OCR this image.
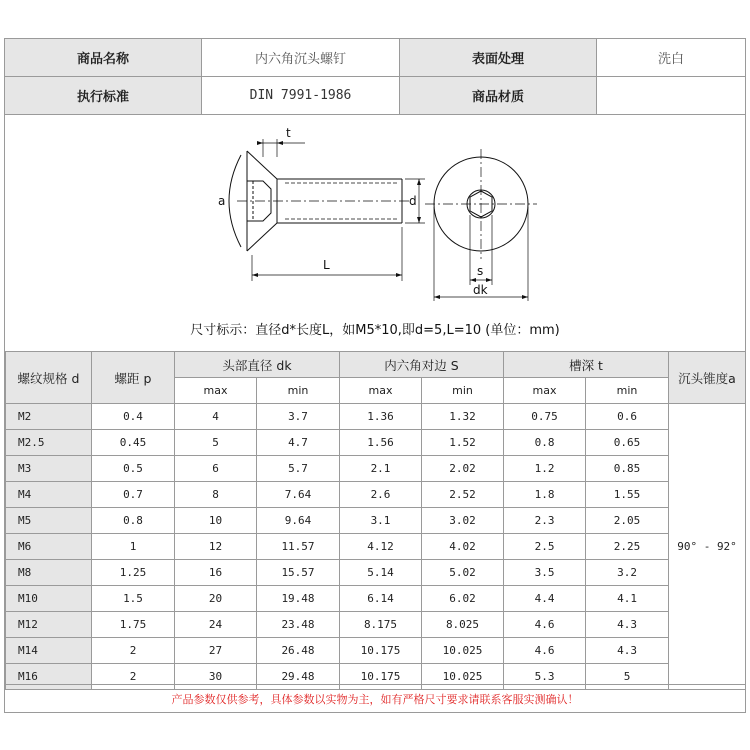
商品名称	内六角沉头螺钉	表面处理	洗白
执行标准	DIN 7991-1986	商品材质
t
a	d
L	s
dk
尺寸标示：直径d*长度L，如M5*10,即d=5,L=10 (单位：mm)
螺纹规格 d	螺距 p	头部直径 dk		内六角对边 S		槽深 t		沉头锥度a
		max	min	max	min	max	min	
M2	0.4	4	3.7	1.36	1.32	0.75	0.6	90° - 92°
M2.5	0.45	5	4.7	1.56	1.52	0.8	0.65	
M3	0.5	6	5.7	2.1	2.02	1.2	0.85	
M4	0.7	8	7.64	2.6	2.52	1.8	1.55	
M5	0.8	10	9.64	3.1	3.02	2.3	2.05	
M6	1	12	11.57	4.12	4.02	2.5	2.25	
M8	1.25	16	15.57	5.14	5.02	3.5	3.2	
M10	1.5	20	19.48	6.14	6.02	4.4	4.1	
M12	1.75	24	23.48	8.175	8.025	4.6	4.3	
M14	2	27	26.48	10.175	10.025	4.6	4.3	
M16	2	30	29.48	10.175	10.025	5.3	5	
产品参数仅供参考，具体参数以实物为主，如有严格尺寸要求请联系客服实测确认！
